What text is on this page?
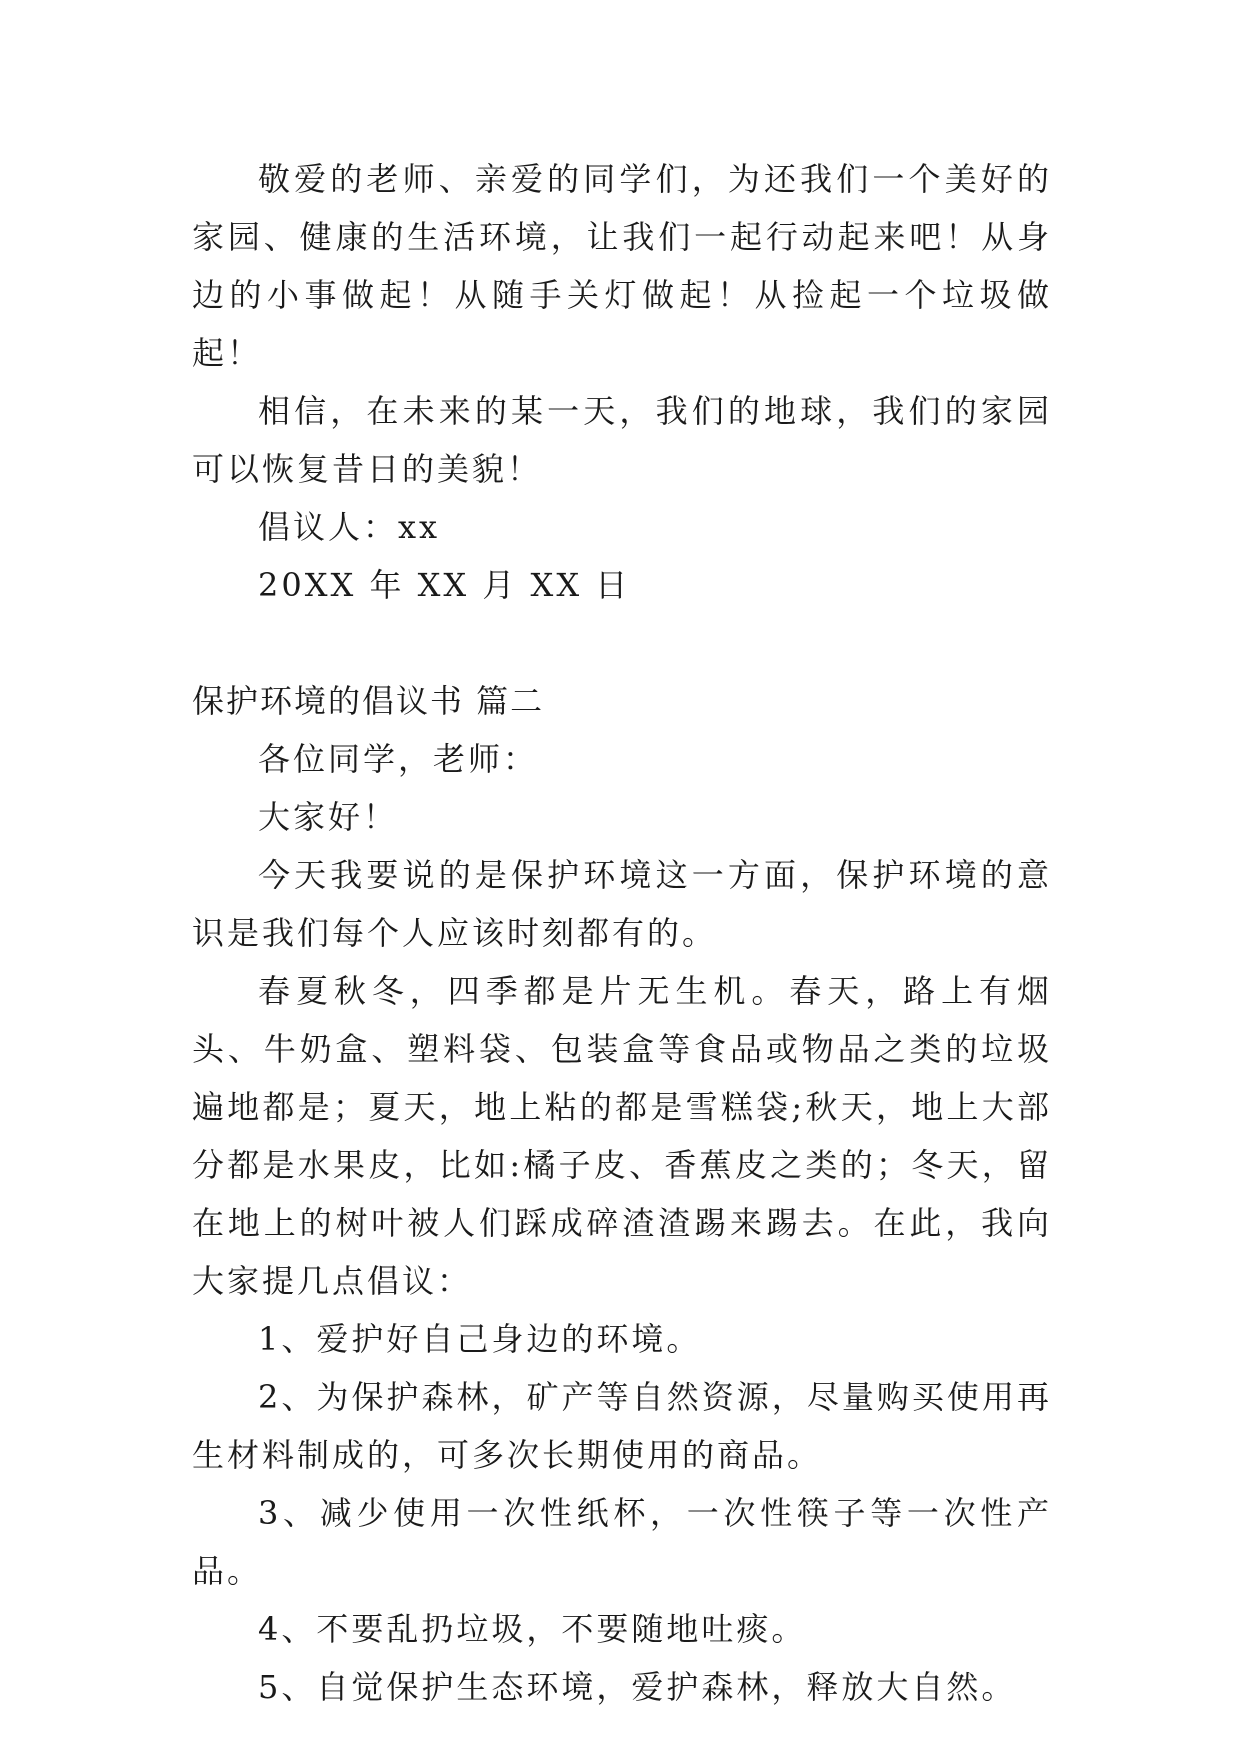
敬爱的老师、亲爱的同学们，为还我们一个美好的家园、健康的生活环境，让我们一起行动起来吧！从身边的小事做起！从随手关灯做起！从捡起一个垃圾做起！

相信，在未来的某一天，我们的地球，我们的家园可以恢复昔日的美貌！

倡议人：xx

20XX 年 XX 月 XX 日

保护环境的倡议书 篇二

各位同学，老师：

大家好！

今天我要说的是保护环境这一方面，保护环境的意识是我们每个人应该时刻都有的。

春夏秋冬，四季都是片无生机。春天，路上有烟头、牛奶盒、塑料袋、包装盒等食品或物品之类的垃圾遍地都是；夏天，地上粘的都是雪糕袋;秋天，地上大部分都是水果皮，比如:橘子皮、香蕉皮之类的；冬天，留在地上的树叶被人们踩成碎渣渣踢来踢去。在此，我向大家提几点倡议：

1、爱护好自己身边的环境。

2、为保护森林，矿产等自然资源，尽量购买使用再生材料制成的，可多次长期使用的商品。

3、减少使用一次性纸杯，一次性筷子等一次性产品。

4、不要乱扔垃圾，不要随地吐痰。

5、自觉保护生态环境，爱护森林，释放大自然。
